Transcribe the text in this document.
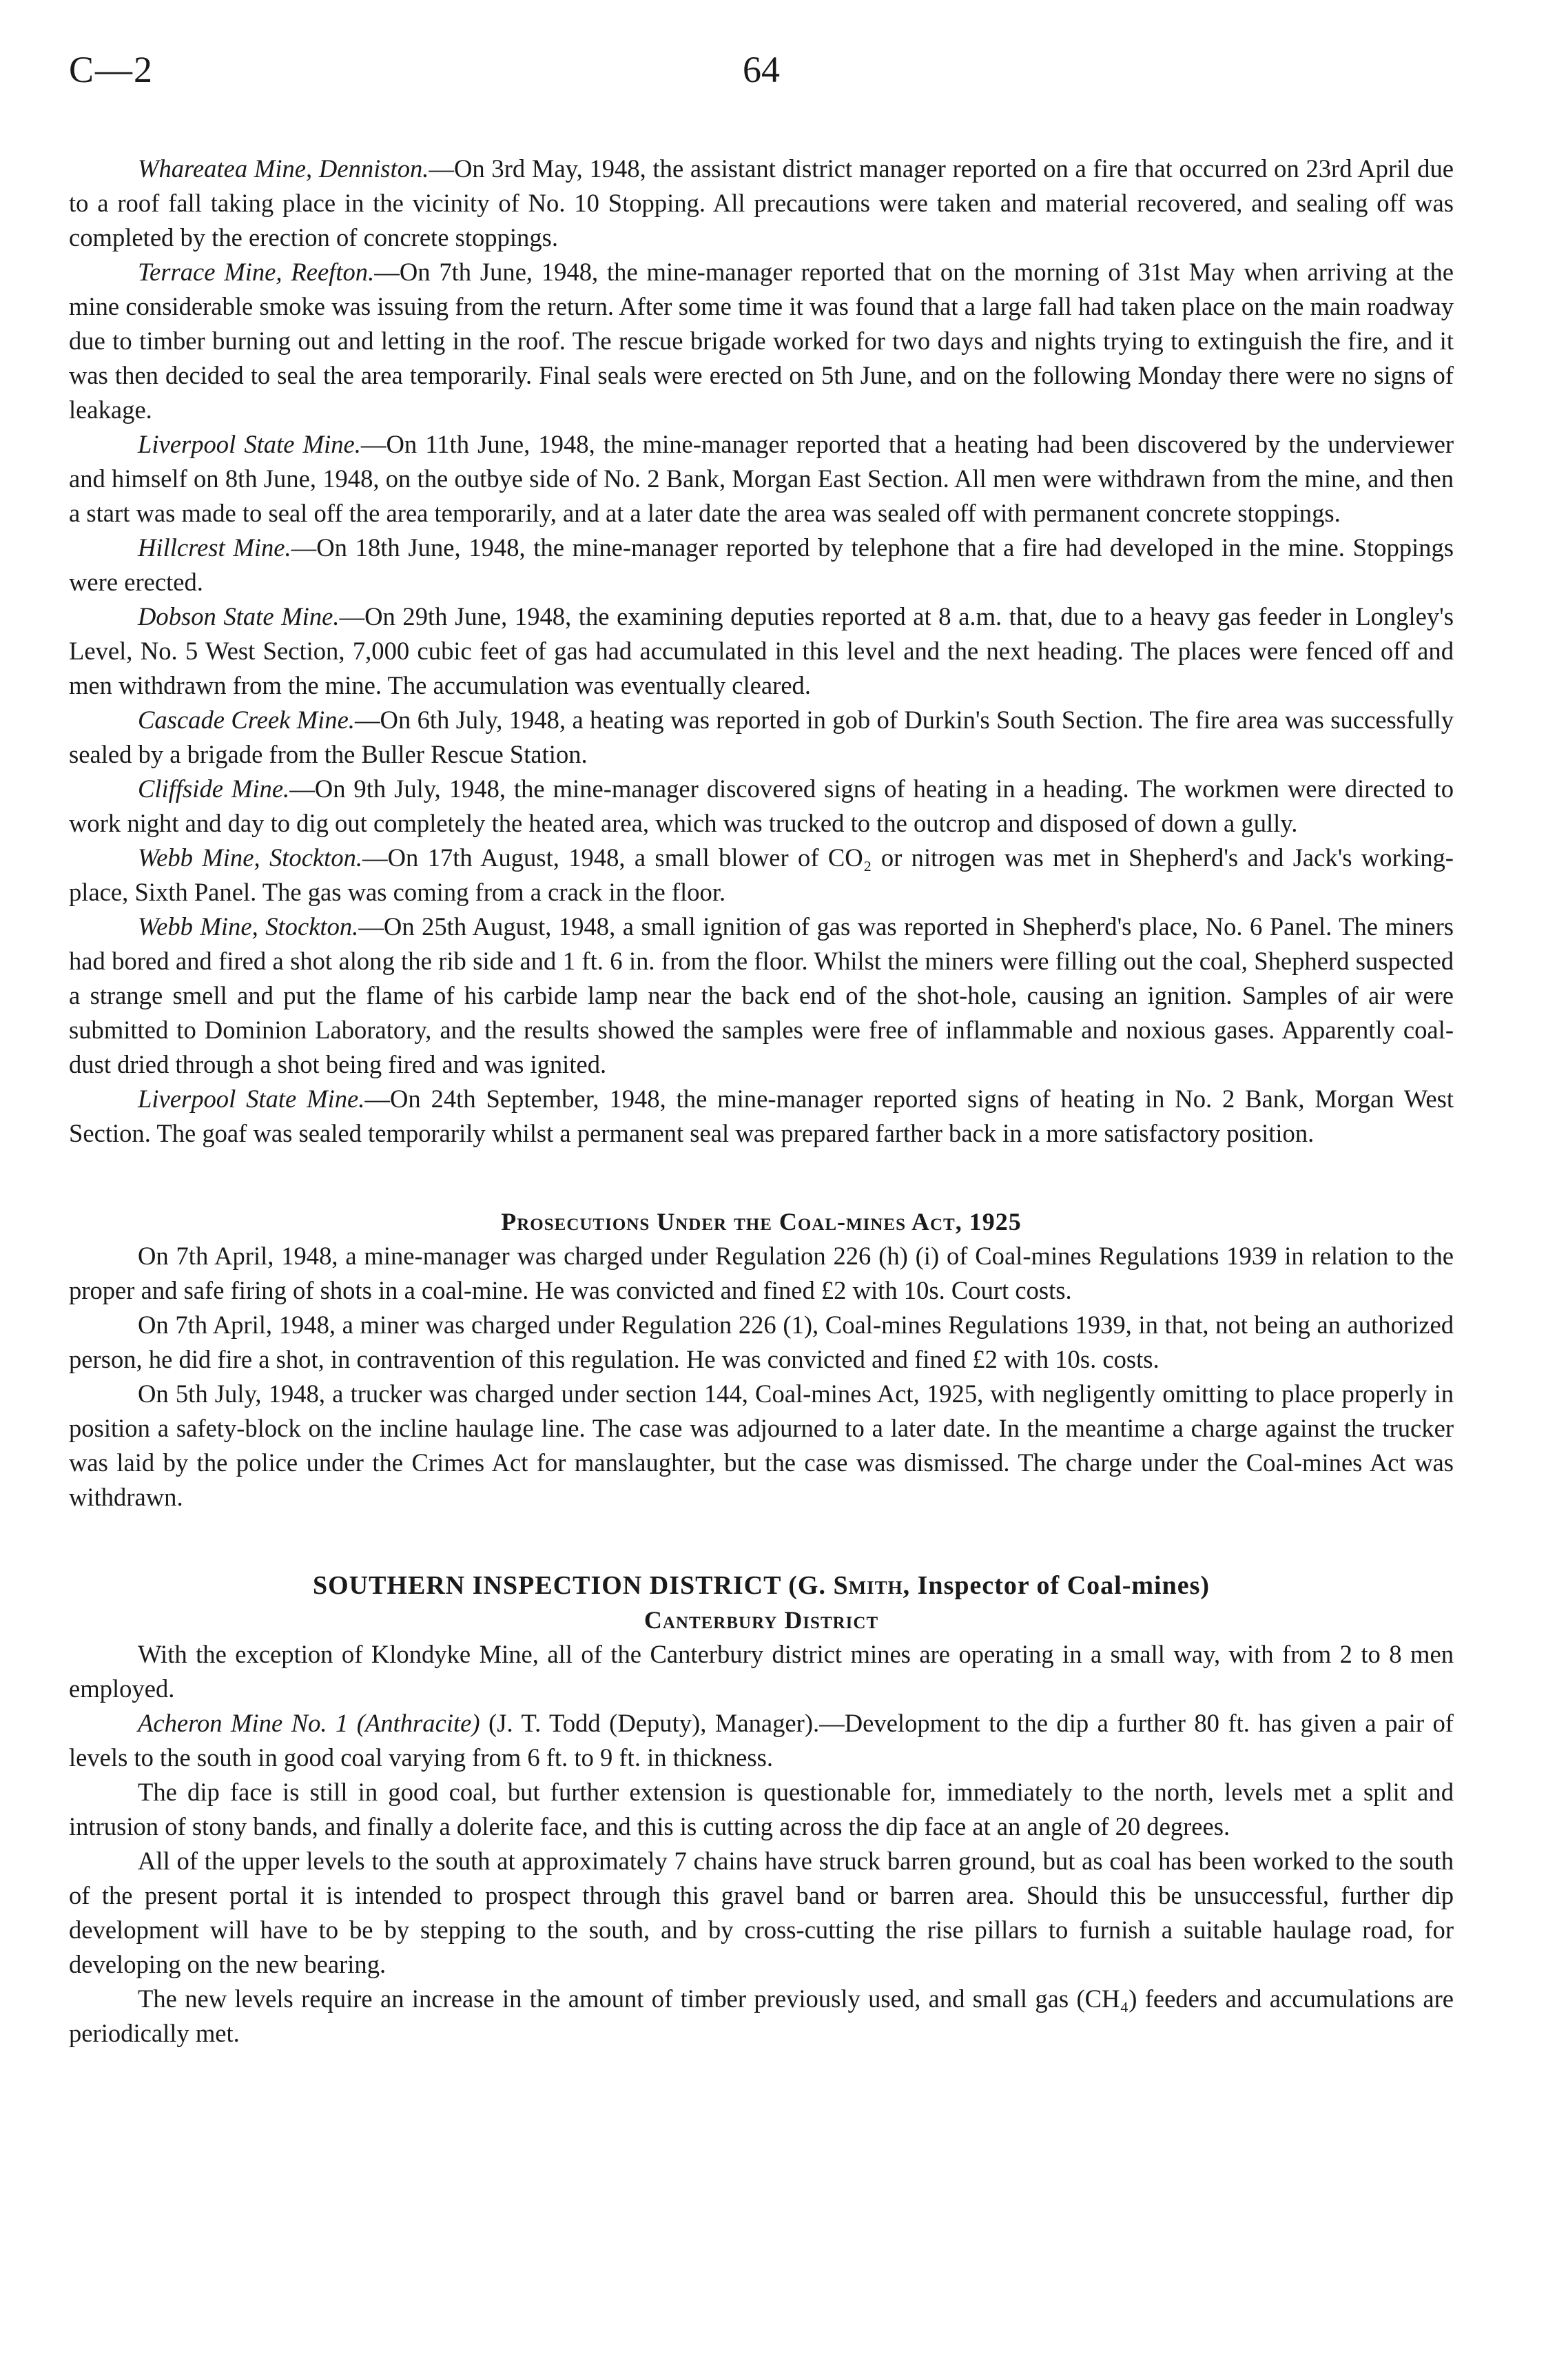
C—2	64

Whareatea Mine, Denniston.—On 3rd May, 1948, the assistant district manager reported on a fire that occurred on 23rd April due to a roof fall taking place in the vicinity of No. 10 Stopping. All precautions were taken and material recovered, and sealing off was completed by the erection of concrete stoppings.

Terrace Mine, Reefton.—On 7th June, 1948, the mine-manager reported that on the morning of 31st May when arriving at the mine considerable smoke was issuing from the return. After some time it was found that a large fall had taken place on the main roadway due to timber burning out and letting in the roof. The rescue brigade worked for two days and nights trying to extinguish the fire, and it was then decided to seal the area temporarily. Final seals were erected on 5th June, and on the following Monday there were no signs of leakage.

Liverpool State Mine.—On 11th June, 1948, the mine-manager reported that a heating had been discovered by the underviewer and himself on 8th June, 1948, on the outbye side of No. 2 Bank, Morgan East Section. All men were withdrawn from the mine, and then a start was made to seal off the area temporarily, and at a later date the area was sealed off with permanent concrete stoppings.

Hillcrest Mine.—On 18th June, 1948, the mine-manager reported by telephone that a fire had developed in the mine. Stoppings were erected.

Dobson State Mine.—On 29th June, 1948, the examining deputies reported at 8 a.m. that, due to a heavy gas feeder in Longley's Level, No. 5 West Section, 7,000 cubic feet of gas had accumulated in this level and the next heading. The places were fenced off and men withdrawn from the mine. The accumulation was eventually cleared.

Cascade Creek Mine.—On 6th July, 1948, a heating was reported in gob of Durkin's South Section. The fire area was successfully sealed by a brigade from the Buller Rescue Station.

Cliffside Mine.—On 9th July, 1948, the mine-manager discovered signs of heating in a heading. The workmen were directed to work night and day to dig out completely the heated area, which was trucked to the outcrop and disposed of down a gully.

Webb Mine, Stockton.—On 17th August, 1948, a small blower of CO₂ or nitrogen was met in Shepherd's and Jack's working-place, Sixth Panel. The gas was coming from a crack in the floor.

Webb Mine, Stockton.—On 25th August, 1948, a small ignition of gas was reported in Shepherd's place, No. 6 Panel. The miners had bored and fired a shot along the rib side and 1 ft. 6 in. from the floor. Whilst the miners were filling out the coal, Shepherd suspected a strange smell and put the flame of his carbide lamp near the back end of the shot-hole, causing an ignition. Samples of air were submitted to Dominion Laboratory, and the results showed the samples were free of inflammable and noxious gases. Apparently coal-dust dried through a shot being fired and was ignited.

Liverpool State Mine.—On 24th September, 1948, the mine-manager reported signs of heating in No. 2 Bank, Morgan West Section. The goaf was sealed temporarily whilst a permanent seal was prepared farther back in a more satisfactory position.

Prosecutions Under the Coal-mines Act, 1925

On 7th April, 1948, a mine-manager was charged under Regulation 226 (h) (i) of Coal-mines Regulations 1939 in relation to the proper and safe firing of shots in a coal-mine. He was convicted and fined £2 with 10s. Court costs.

On 7th April, 1948, a miner was charged under Regulation 226 (1), Coal-mines Regulations 1939, in that, not being an authorized person, he did fire a shot, in contravention of this regulation. He was convicted and fined £2 with 10s. costs.

On 5th July, 1948, a trucker was charged under section 144, Coal-mines Act, 1925, with negligently omitting to place properly in position a safety-block on the incline haulage line. The case was adjourned to a later date. In the meantime a charge against the trucker was laid by the police under the Crimes Act for manslaughter, but the case was dismissed. The charge under the Coal-mines Act was withdrawn.

SOUTHERN INSPECTION DISTRICT (G. Smith, Inspector of Coal-mines)
Canterbury District

With the exception of Klondyke Mine, all of the Canterbury district mines are operating in a small way, with from 2 to 8 men employed.

Acheron Mine No. 1 (Anthracite) (J. T. Todd (Deputy), Manager).—Development to the dip a further 80 ft. has given a pair of levels to the south in good coal varying from 6 ft. to 9 ft. in thickness.

The dip face is still in good coal, but further extension is questionable for, immediately to the north, levels met a split and intrusion of stony bands, and finally a dolerite face, and this is cutting across the dip face at an angle of 20 degrees.

All of the upper levels to the south at approximately 7 chains have struck barren ground, but as coal has been worked to the south of the present portal it is intended to prospect through this gravel band or barren area. Should this be unsuccessful, further dip development will have to be by stepping to the south, and by cross-cutting the rise pillars to furnish a suitable haulage road, for developing on the new bearing.

The new levels require an increase in the amount of timber previously used, and small gas (CH₄) feeders and accumulations are periodically met.
